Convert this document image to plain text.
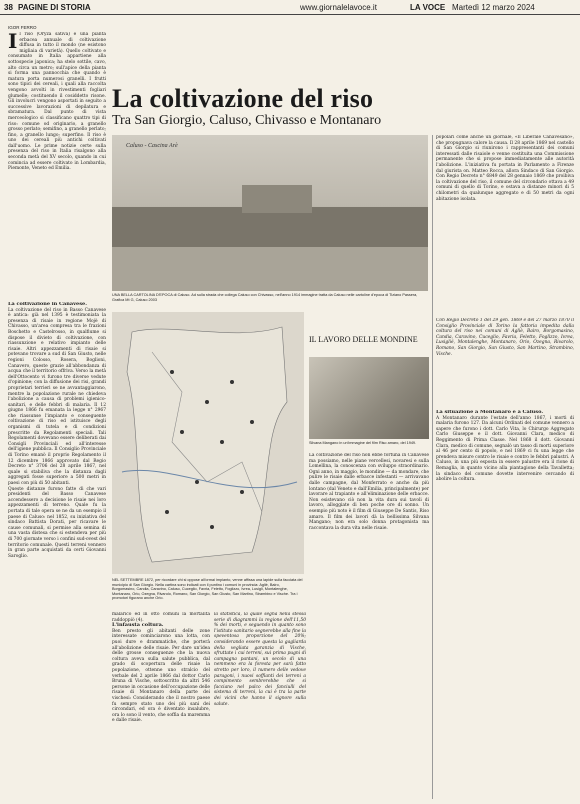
38 PAGINE DI STORIA	www.giornalelavoce.it	LA VOCE Martedì 12 marzo 2024
IGOR FERRO
Il riso (Oryza sativa) è una pianta erbacea annuale di coltivazione diffusa in tutto il mondo (ne esistono migliaia di varietà). Quello coltivato e consumato in Italia appartiene alla sottospecie japonica; ha stelo sottile, cavo, alto circa un metro; sull'apice della pianta si forma una pannocchia che quando è matura porta numerosi granelli. I frutti sono tipici dei cereali, i quali alla raccolta vengono avvolti in rivestimenti fogliari glumelle; costituendo il cosiddetto risone. Gli involucri vengono asportati in seguito a successive lavorazioni di depilatura e sbramatura. Dal punto di vista merceologico si classificano quattro tipi di riso: comune od originario, a granello grosso perlato; semifino, a granello perlato; fino, a granello lungo; superfino. Il riso è uno dei cereali più antichi coltivati dall'uomo. Le prime notizie certe sulla presenza del riso in Italia risalgono alla seconda metà del XV secolo, quando in cui comincia ad essere coltivato in Lombardia, Piemonte, Veneto ed Emilia.
La coltivazione in Canavese.
La coltivazione del riso in Basso Canavese è antica: già nel 1395 è testimoniata la presenza di risaie in regione Mojè di Chivasso, un'area compresa tra le frazioni Boschetto e Castelrosso, in qualfiume si dispose il divieto di coltivazione, con riassunzione e relativo impianto delle risaie. Altri appezzamenti di risaie si potevano trovare a sud di San Giusto, nelle regioni Colosso, Rosera, Boglioni, Canavero, queste grazie all'abbondanza di acqua che il territorio offriva. Verso la metà dell'Ottocento vi furono tre diverse vedute d'opinione; con la diffusione dei risi, grandi proprietari terrieri se ne avvantaggiarono, mentre la popolazione rurale ne chiedeva l'abolizione a causa di problemi igienico-sanitari, e delle febbri di malaria. Il 12 giugno 1866 fu emanata la legge n° 2967 che riassunse l'impianto e conseguente coltivazione di riso ed istituisce degli organismi di tutela e di condizioni prescritte da Regolamenti speciali. Tali Regolamenti dovevano essere deliberati dai Consigli Provinciali ed all'interesse dell'igiene pubblica. Il Consiglio Provinciale di Torino emanò il proprio Regolamento il 12 dicembre 1866 approvato dal Regio Decreto n° 3706 del 28 aprile 1867, nel quale si stabiliva che la distanza dagli aggregati fosse superiore a 500 metri in paesi con più di 50 abitanti.
Queste distanze furono fatte di che vari presidenti del Basso Canavese accendessero a decisione le risaie nei loro appezzamenti di terreno. Quale fu la portata di tale opera se ne da un esempio il paese di Caluso: nel 1852, su iniziativa del sindaco Battista Dorati, per ricavare le cause comunali, si permise alla semina di una vasta distesa che si estendeva per più di 700 giornate verso i confini sud-ovest del territorio comunale. Questi terreni vennero in gran parte acquistati da certi Giovanni Saroglio.
La coltivazione del riso
Tra San Giorgio, Caluso, Chivasso e Montanaro
Caluso - Cascina Arè
UNA BELLA CARTOLINA D'EPOCA di Caluso. Ad sulla strada che collega Caluso con Chivasso, nell'anno 1914 immagine tratta da Caluso nelle cartoline d'epoca di Tiziano Passera, Grafica Mt G, Caluso 2003
IL LAVORO DELLE MONDINE
Silvana Mangano in un'immagine del film Riso amaro, del 1949.
La coltivazione del riso non ebbe fortuna in Canavese ma possiamo, nelle piane vercellesi, novaresi e sulla Lomellina, la conoscenza con sviluppo straordinario. Ogni anno, in maggio, le mondine — da mondare, che pulire le risaie dalle erbacce infestanti — arrivavano dalle campagne, dal Monferrato e anche da più lontano (dal Veneto e dall'Emilia, principalmente) per lavorare al trapianto e all'eliminazione delle erbacce. Non esistevano ciò non la vita dura sui tavoli di lavoro, alloggiate di ben poche ore di sonno. Un esempio più noto è il film di Giuseppe De Santis, Riso amaro. Il film dei lavori dà la bellissima Silvana Mangano; non era solo donna protagonista ma raccontava la dura vita nelle risaie.
NEL SETTEMBRE 1872, per ricordare chi si oppose all'ormai impianto, venne affissa una lapide sulla facciata del municipio di San Giorgio. Nella cartina sono indicati con il puntino i comuni in provincia: Agliè, Bairo, Borgomasino, Candia, Caravino, Caluso, Cuceglio, Favria, Feletto, Foglizzo, Ivrea, Lusigli, Montalenghe, Montanaro, Orio, Ozegna, Rivarolo, Romano, San Giorgio, San Giusto, San Martino, Strambino e Vische. Tra i promotori figurano anche Orio.
malarico ed in otto comuni la mortalità raddoppiò (4).
L'infausta coltura.
Ben presto gli abitanti delle zone interessate cominciarono una lotta, con puoi dure e drammatiche, che porterà all'abolizione delle risaie. Per dare un'idea delle grosse conseguenze che la nuova coltura aveva sulla salute pubblica, dal grado di scopertura delle risaie la popolazione, ottenne uno stralcio del verbale del 2 aprile 1866 dal dottor Carlo Bruna di Vische, sottoscritto da altri 546 persone in occasione dell'occupazione delle risaie di Montanaro della parte dei vischesi: Considerando che il nostro paese fu sempre stato uno dei più sani dei circondari, ed ora è diventato insalubre, ora lo sono il vento, che soffia da maremma e dalle risaie.
la statistica, la quale segna nella stessa serie di diagrammi la regione dell'11,50 % dei morti, e seguendo in quanto sono l'istituto sanitario segnerebbe alla fine la speventosa proporzione del 20%; considerando essere questa la gagliarda della vegliata garanzia di Vische, sfruttate i cui terreni, sui prima pugni di campagna pantani, un secolo di una nemmeno era la foresta per sarà fatto stretto per loro, il numero delle vedove paragoni, i nuovi soffianti dei terreni a compimento sembrerebbe che si facciano nel palco dei fanciulli del sistema di terreni, la cui è tra la parte dei vicini che hanno il signore sulla salute.
popolari come anche un giornale, «Il Liberale Canavesano», che propugnava calore la causa. Il 28 aprile 1869 nel castello di San Giorgio si riunirono i rappresentanti dei comuni interessati dalle risaiole e venne costituita una Commissione permanente che si propose immediatamente alle autorità l'abolizione. L'iniziativa fu portata in Parlamento a Firenze dal giurista on. Matteo Rocca, allora Sindaco di San Giorgio. Con Regio Decreto n° 6849 del 28 gennaio 1869 che proibiva la coltivazione del riso, il comune del circondario ottava a 49 comuni di quello di Torino, e ostava a distanze minori di 5 chilometri da qualunque aggregato e di 50 metri da ogni abitazione isolata.
Con Regio Decreto 1 del 29 gen. 1869 e del 27 marzo 1870 il Consiglio Provinciale di Torino la fattoria impedita dalla coltura del riso nei comuni di Agliè, Bairo, Borgomasino, Candia, Caravino, Cuceglio, Favria, Feletto, Foglizzo, Ivrea, Lusiglié, Montalenghe, Montanaro, Orio, Ozegna, Rivarolo, Romano, San Giorgio, San Giusto, San Martino, Strambino, Vische.
La situazione a Montanaro e a Caluso.
A Montanaro durante l'estate dell'anno 1867, i morti di malaria furono 127. Da alcuni Ordinati del comune vennero a sapere che furono i dott. Carlo Vita, lo Chirurgo Aggregato Carlo Giuseppe e il dott. Giovanni Clara, medico di Reggimento di Prima Classe. Nel 1868 il dott. Giovanni Clara, medico di comune, segnalò un tasso di morti superiore al 46 per cento di popolo, e nel 1869 ci fu una legge che prendeva misure contro le risaie e contro le febbri palustri. A Caluso, in una più esposta in essere palustre era il rione di Remaglia, in quanto vicino alla piantagione della Tavalletta; la sindaco del comune dovette intervenire cercando di abolire la coltura.
